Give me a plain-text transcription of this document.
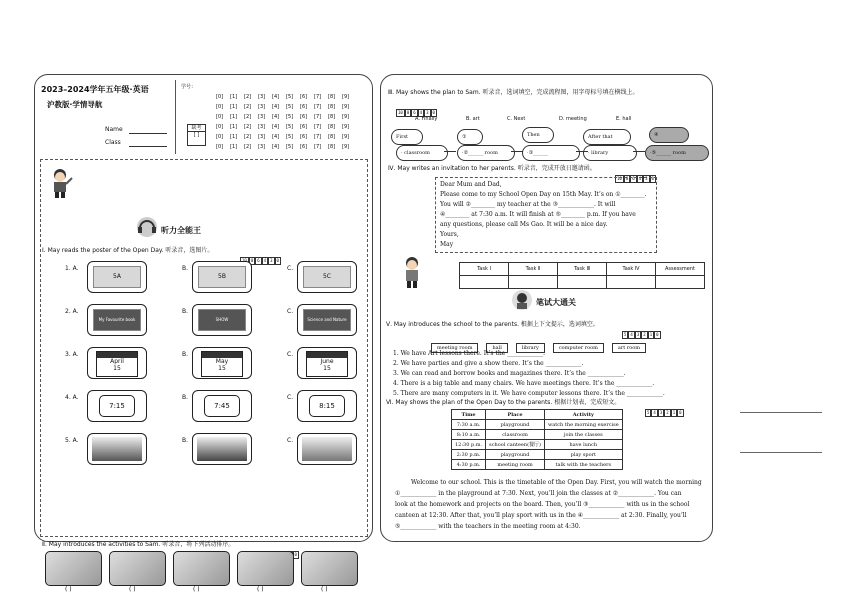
2023–2024学年五年级·英语
沪教版·学情导航
Name
Class
学号：
缺考
[ ]
[0] [1] [2] [3] [4] [5] [6] [7] [8] [9]
[0] [1] [2] [3] [4] [5] [6] [7] [8] [9]
[0] [1] [2] [3] [4] [5] [6] [7] [8] [9]
[0] [1] [2] [3] [4] [5] [6] [7] [8] [9]
[0] [1] [2] [3] [4] [5] [6] [7] [8] [9]
[0] [1] [2] [3] [4] [5] [6] [7] [8] [9]
听力全能王
Ⅰ. May reads the poster of the Open Day. 听录音，选图片。
0 6 4 3 0
1. A.
5A
B.
5B
C.
5C
2. A.
My Favourite book
B.
SHOW
C.
Science and Nature
3. A.
April
15
B.
May
15
C.
June
15
4. A.
7:15
B.
7:45
C.
8:15
5. A.	B.	C.
Ⅱ. May introduces the activities to Sam. 听录音，将下列活动排序。
0
( )	( )	( )	( )	( )
Ⅲ. May shows the plan to Sam. 听录音，选词填空，完成流程图，用字母标号填在横线上。
10 0 6 4 3 0
A. Finally	B. art	C. Next	D. meeting	E. hall
First
· classroom
①
·②______ room
Then
·③______
After that
· library
④
·⑤______ room
Ⅳ. May writes an invitation to her parents. 听录音，完成开放日邀请函。
10 0 6 4 3 0
Dear Mum and Dad,
Please come to my School Open Day on 15th May. It’s on ①________.
You will ②________ my teacher at the ③____________. It will
④________ at 7:30 a.m. It will finish at ⑤________ p.m. If you have
any questions, please call Ms Gao. It will be a nice day.
Yours,
May
Task Ⅰ	Task Ⅱ	Task Ⅲ	Task Ⅳ	Assessment

笔试大通关
Ⅴ. May introduces the school to the parents. 根据上下文提示，选词填空。
5 4 3 2 1 0
meeting room	hall	library	computer room	art room
1. We have Art lessons there. It’s the ____________.
2. We have parties and give a show there. It’s the ____________.
3. We can read and borrow books and magazines there. It’s the ____________.
4. There is a big table and many chairs. We have meetings there. It’s the ____________.
5. There are many computers in it. We have computer lessons there. It’s the ____________.
Ⅵ. May shows the plan of the Open Day to the parents. 根据计划表，完成短文。
5 4 3 2 1 0
Time	Place	Activity
7:30 a.m.	playground	watch the morning exercise
8:10 a.m.	classroom	join the classes
12:30 p.m.	school canteen(餐厅)	have lunch
2:30 p.m.	playground	play sport
4:30 p.m.	meeting room	talk with the teachers
Welcome to our school. This is the timetable of the Open Day. First, you will watch the morning
①____________ in the playground at 7:30. Next, you’ll join the classes at ②____________. You can
look at the homework and projects on the board. Then, you’ll ③____________ with us in the school
canteen at 12:30. After that, you’ll play sport with us in the ④____________ at 2:30. Finally, you’ll
⑤____________ with the teachers in the meeting room at 4:30.
